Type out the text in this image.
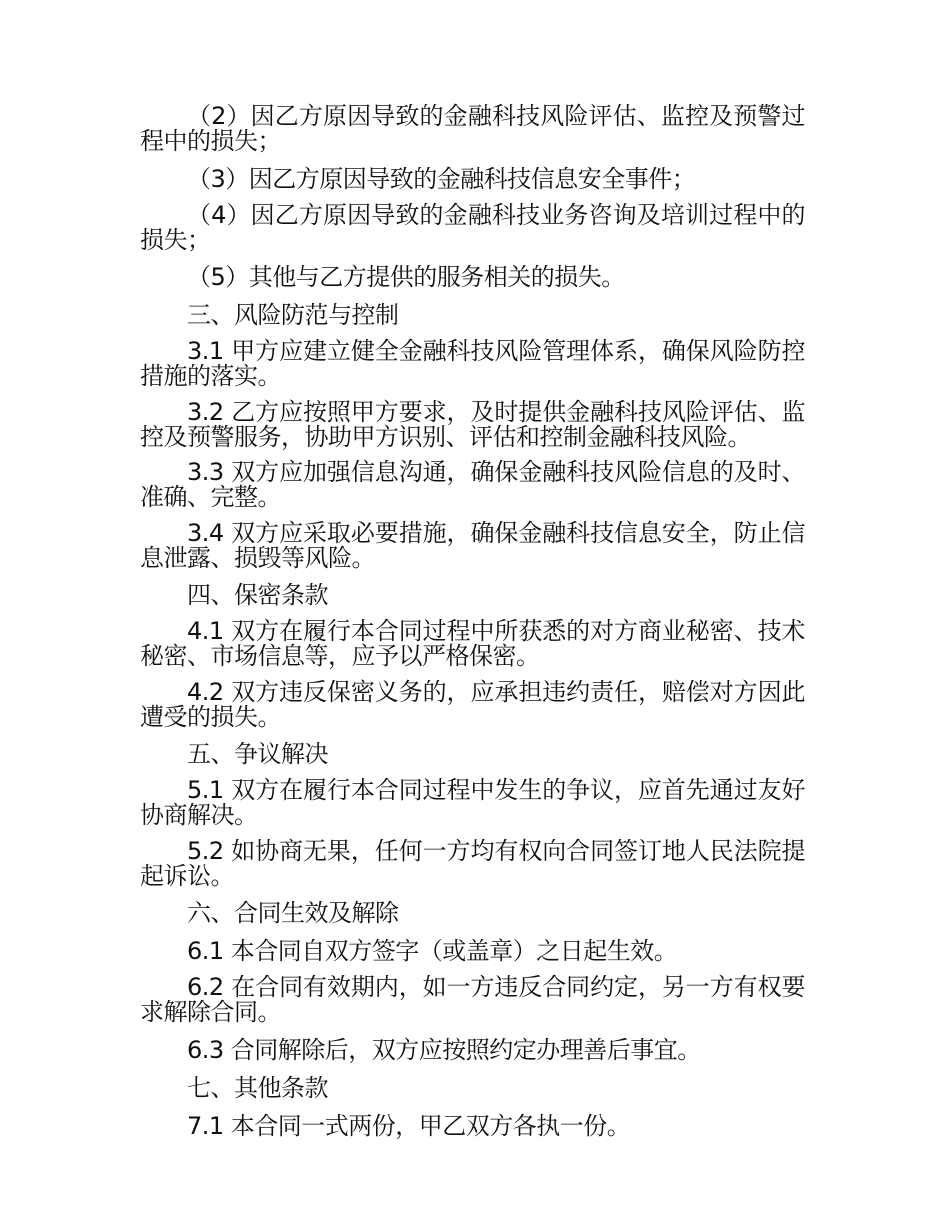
（2）因乙方原因导致的金融科技风险评估、监控及预警过程中的损失；

（3）因乙方原因导致的金融科技信息安全事件；

（4）因乙方原因导致的金融科技业务咨询及培训过程中的损失；

（5）其他与乙方提供的服务相关的损失。

三、风险防范与控制

3.1 甲方应建立健全金融科技风险管理体系，确保风险防控措施的落实。

3.2 乙方应按照甲方要求，及时提供金融科技风险评估、监控及预警服务，协助甲方识别、评估和控制金融科技风险。

3.3 双方应加强信息沟通，确保金融科技风险信息的及时、准确、完整。

3.4 双方应采取必要措施，确保金融科技信息安全，防止信息泄露、损毁等风险。

四、保密条款

4.1 双方在履行本合同过程中所获悉的对方商业秘密、技术秘密、市场信息等，应予以严格保密。

4.2 双方违反保密义务的，应承担违约责任，赔偿对方因此遭受的损失。

五、争议解决

5.1 双方在履行本合同过程中发生的争议，应首先通过友好协商解决。

5.2 如协商无果，任何一方均有权向合同签订地人民法院提起诉讼。

六、合同生效及解除

6.1 本合同自双方签字（或盖章）之日起生效。

6.2 在合同有效期内，如一方违反合同约定，另一方有权要求解除合同。

6.3 合同解除后，双方应按照约定办理善后事宜。

七、其他条款

7.1 本合同一式两份，甲乙双方各执一份。
